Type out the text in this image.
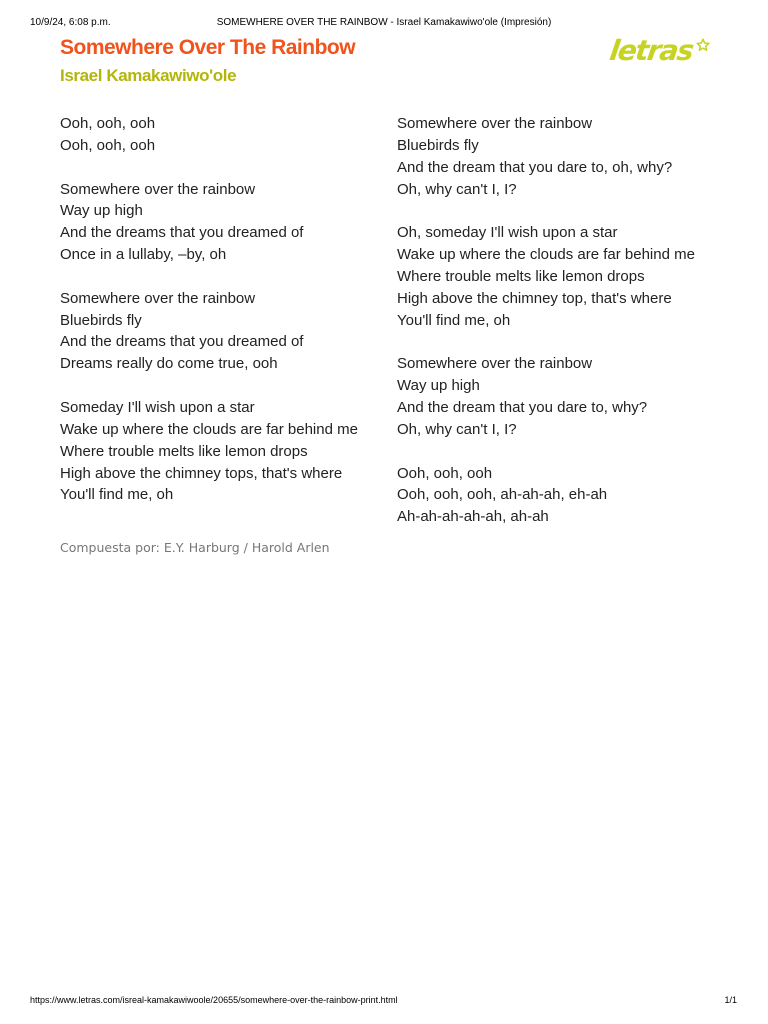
10/9/24, 6:08 p.m.	SOMEWHERE OVER THE RAINBOW - Israel Kamakawiwo'ole (Impresión)
Somewhere Over The Rainbow
Israel Kamakawiwo'ole
letras
Ooh, ooh, ooh
Ooh, ooh, ooh
Somewhere over the rainbow
Way up high
And the dreams that you dreamed of
Once in a lullaby, –by, oh
Somewhere over the rainbow
Bluebirds fly
And the dreams that you dreamed of
Dreams really do come true, ooh
Someday I'll wish upon a star
Wake up where the clouds are far behind me
Where trouble melts like lemon drops
High above the chimney tops, that's where
You'll find me, oh
Somewhere over the rainbow
Bluebirds fly
And the dream that you dare to, oh, why?
Oh, why can't I, I?
Oh, someday I'll wish upon a star
Wake up where the clouds are far behind me
Where trouble melts like lemon drops
High above the chimney top, that's where
You'll find me, oh
Somewhere over the rainbow
Way up high
And the dream that you dare to, why?
Oh, why can't I, I?
Ooh, ooh, ooh
Ooh, ooh, ooh, ah-ah-ah, eh-ah
Ah-ah-ah-ah-ah, ah-ah
Compuesta por: E.Y. Harburg / Harold Arlen
https://www.letras.com/isreal-kamakawiwoole/20655/somewhere-over-the-rainbow-print.html	1/1
